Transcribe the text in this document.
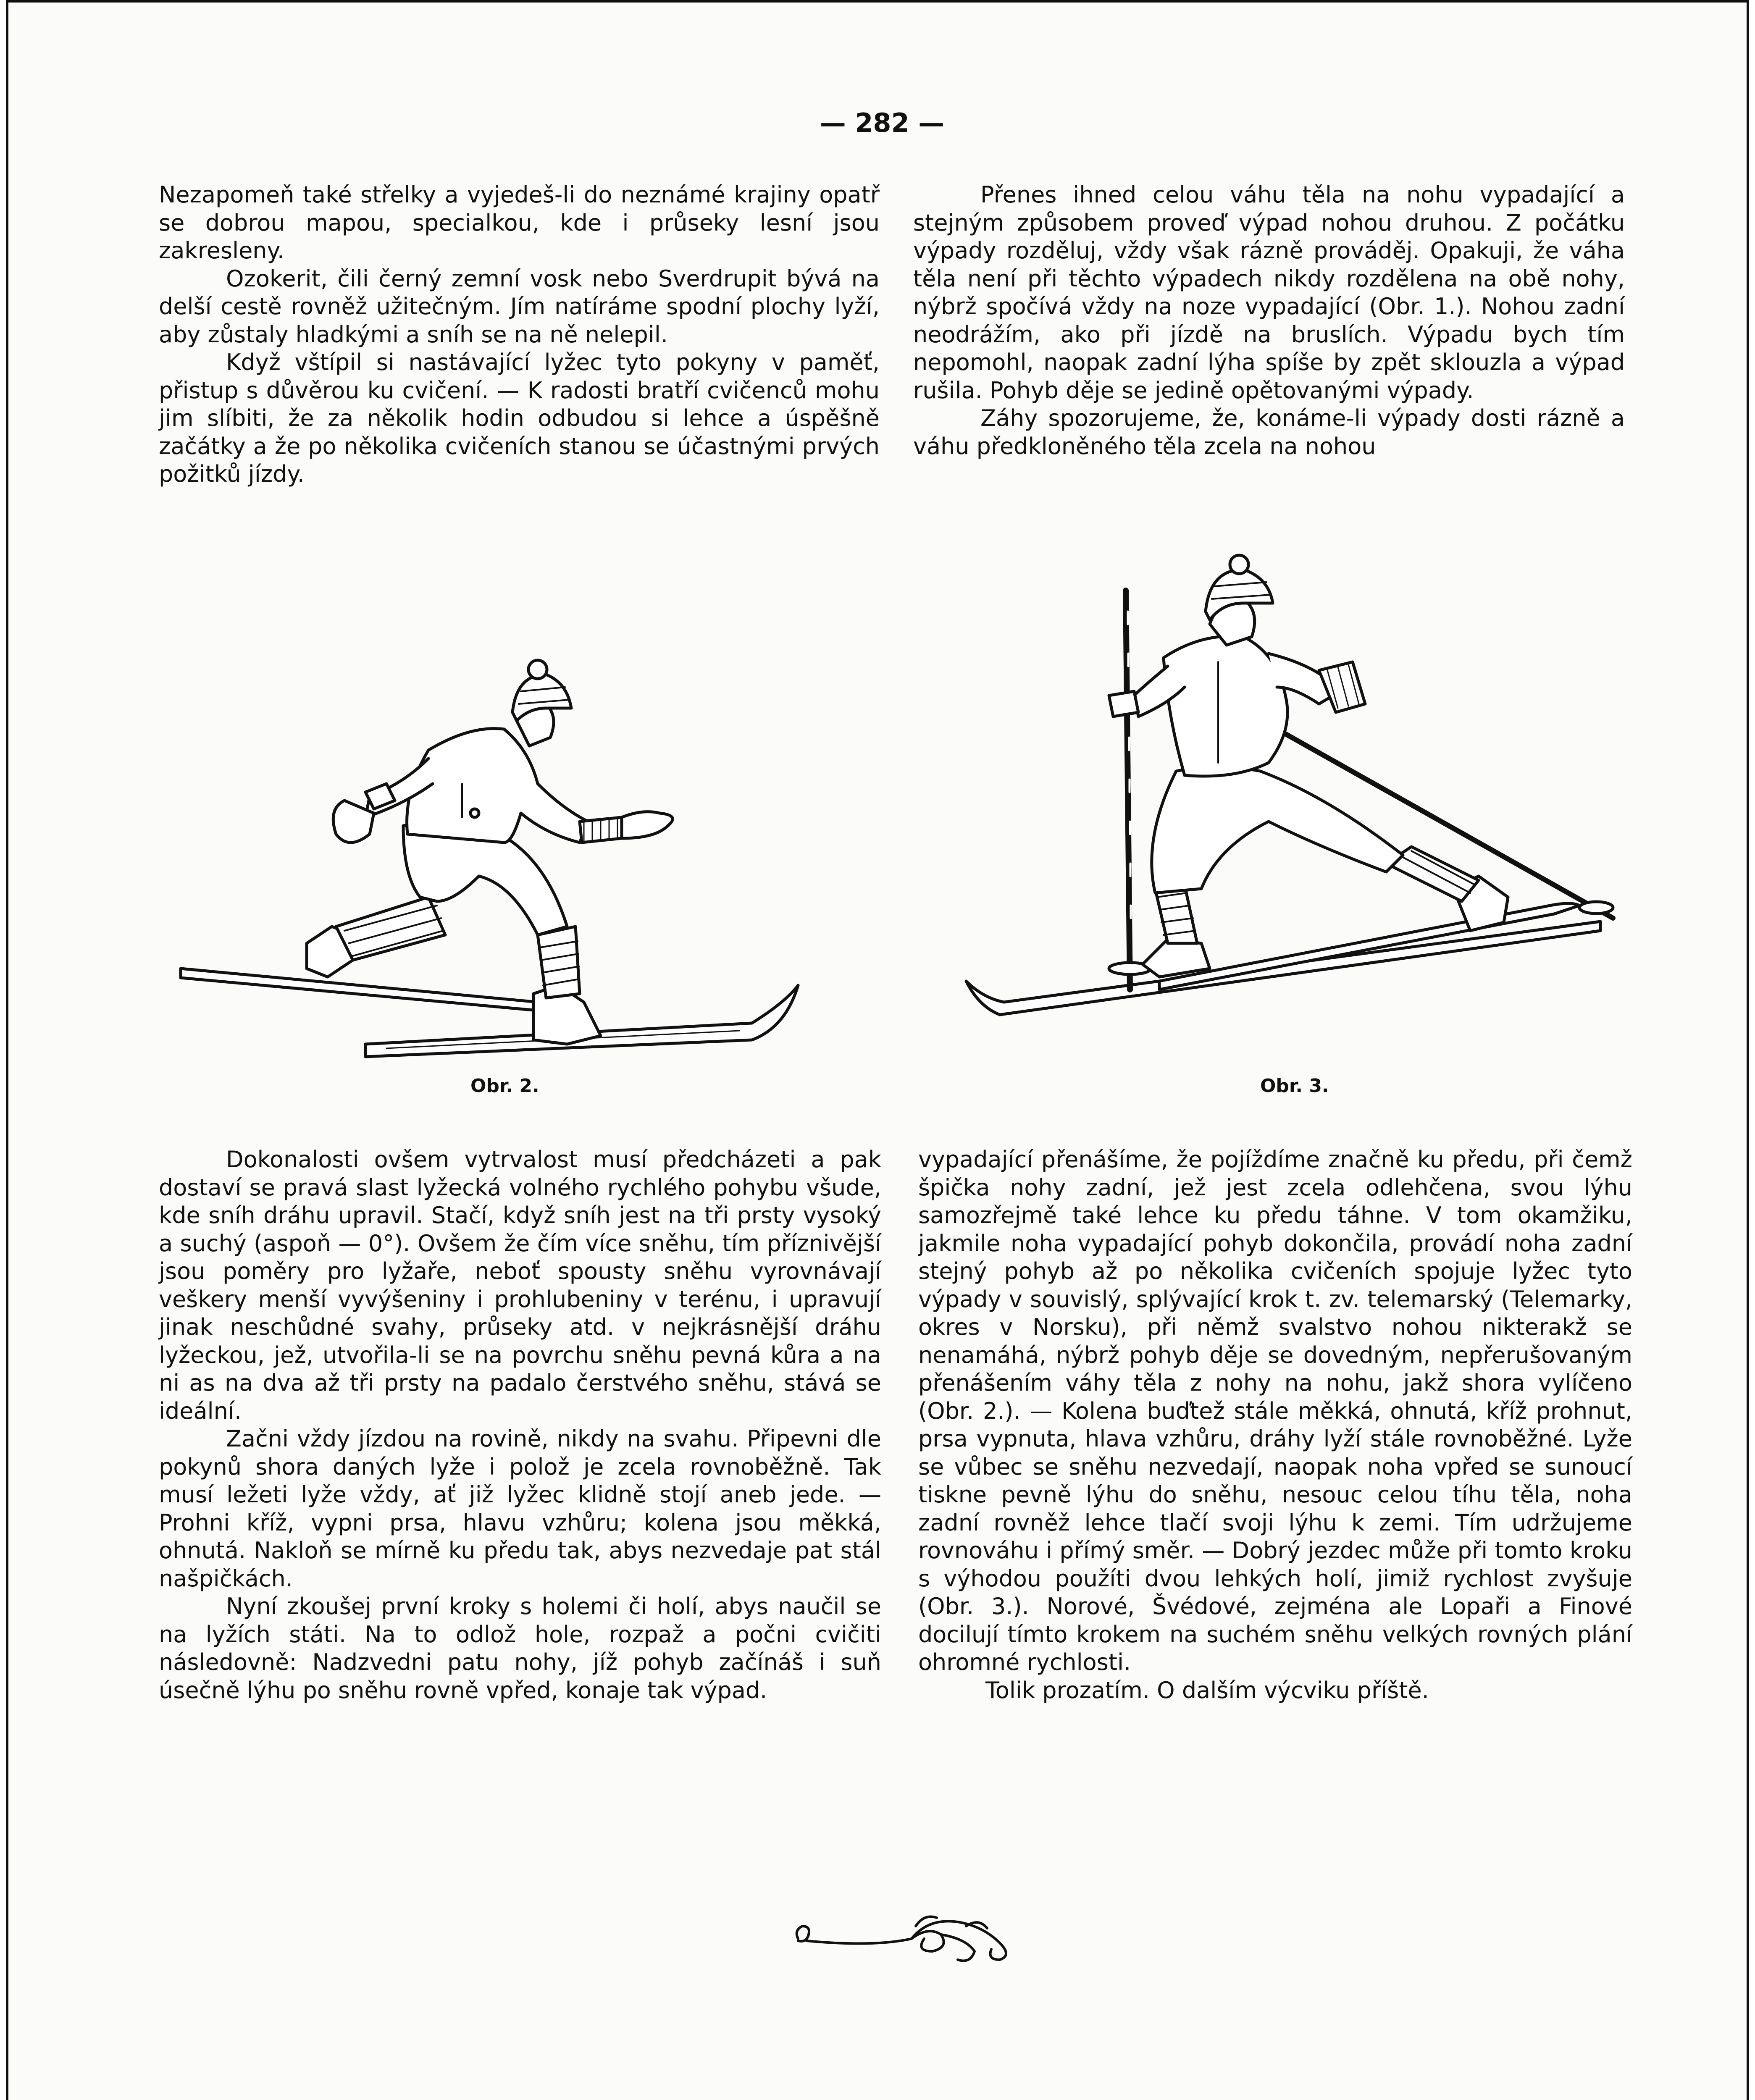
— 282 —

Nezapomeň také střelky a vyjedeš-li do neznámé krajiny opatř se dobrou mapou, specialkou, kde i průseky lesní jsou zakresleny.

Ozokerit, čili černý zemní vosk nebo Sverdrupit bývá na delší cestě rovněž užitečným. Jím natíráme spodní plochy lyží, aby zůstaly hladkými a sníh se na ně nelepil.

Když vštípil si nastávající lyžec tyto pokyny v paměť, přistup s důvěrou ku cvičení. — K radosti bratří cvičenců mohu jim slíbiti, že za několik hodin odbudou si lehce a úspěšně začátky a že po několika cvičeních stanou se účastnými prvých požitků jízdy.

Přenes ihned celou váhu těla na nohu vypadající a stejným způsobem proveď výpad nohou druhou. Z počátku výpady rozděluj, vždy však rázně prováděj. Opakuji, že váha těla není při těchto výpadech nikdy rozdělena na obě nohy, nýbrž spočívá vždy na noze vypadající (Obr. 1.). Nohou zadní neodrážím, ako při jízdě na bruslích. Výpadu bych tím nepomohl, naopak zadní lýha spíše by zpět sklouzla a výpad rušila. Pohyb děje se jedině opětovanými výpady.

Záhy spozorujeme, že, konáme-li výpady dosti rázně a váhu předkloněného těla zcela na nohou

Obr. 2.	Obr. 3.

Dokonalosti ovšem vytrvalost musí předcházeti a pak dostaví se pravá slast lyžecká volného rychlého pohybu všude, kde sníh dráhu upravil. Stačí, když sníh jest na tři prsty vysoký a suchý (aspoň — 0°). Ovšem že čím více sněhu, tím příznivější jsou poměry pro lyžaře, neboť spousty sněhu vyrovnávají veškery menší vyvýšeniny i prohlubeniny v terénu, i upravují jinak neschůdné svahy, průseky atd. v nejkrásnější dráhu lyžeckou, jež, utvořila-li se na povrchu sněhu pevná kůra a na ni as na dva až tři prsty na padalo čerstvého sněhu, stává se ideální.

Začni vždy jízdou na rovině, nikdy na svahu. Připevni dle pokynů shora daných lyže i polož je zcela rovnoběžně. Tak musí ležeti lyže vždy, ať již lyžec klidně stojí aneb jede. — Prohni kříž, vypni prsa, hlavu vzhůru; kolena jsou měkká, ohnutá. Nakloň se mírně ku předu tak, abys nezvedaje pat stál našpičkách.

Nyní zkoušej první kroky s holemi či holí, abys naučil se na lyžích státi. Na to odlož hole, rozpaž a počni cvičiti následovně: Nadzvedni patu nohy, jíž pohyb začínáš i suň úsečně lýhu po sněhu rovně vpřed, konaje tak výpad.

vypadající přenášíme, že pojíždíme značně ku předu, při čemž špička nohy zadní, jež jest zcela odlehčena, svou lýhu samozřejmě také lehce ku předu táhne. V tom okamžiku, jakmile noha vypadající pohyb dokončila, provádí noha zadní stejný pohyb až po několika cvičeních spojuje lyžec tyto výpady v souvislý, splývající krok t. zv. telemarský (Telemarky, okres v Norsku), při němž svalstvo nohou nikterakž se nenamáhá, nýbrž pohyb děje se dovedným, nepřerušovaným přenášením váhy těla z nohy na nohu, jakž shora vylíčeno (Obr. 2.). — Kolena buďtež stále měkká, ohnutá, kříž prohnut, prsa vypnuta, hlava vzhůru, dráhy lyží stále rovnoběžné. Lyže se vůbec se sněhu nezvedají, naopak noha vpřed se sunoucí tiskne pevně lýhu do sněhu, nesouc celou tíhu těla, noha zadní rovněž lehce tlačí svoji lýhu k zemi. Tím udržujeme rovnováhu i přímý směr. — Dobrý jezdec může při tomto kroku s výhodou použíti dvou lehkých holí, jimiž rychlost zvyšuje (Obr. 3.). Norové, Švédové, zejména ale Lopaři a Finové docilují tímto krokem na suchém sněhu velkých rovných plání ohromné rychlosti.

Tolik prozatím. O dalším výcviku příště.
